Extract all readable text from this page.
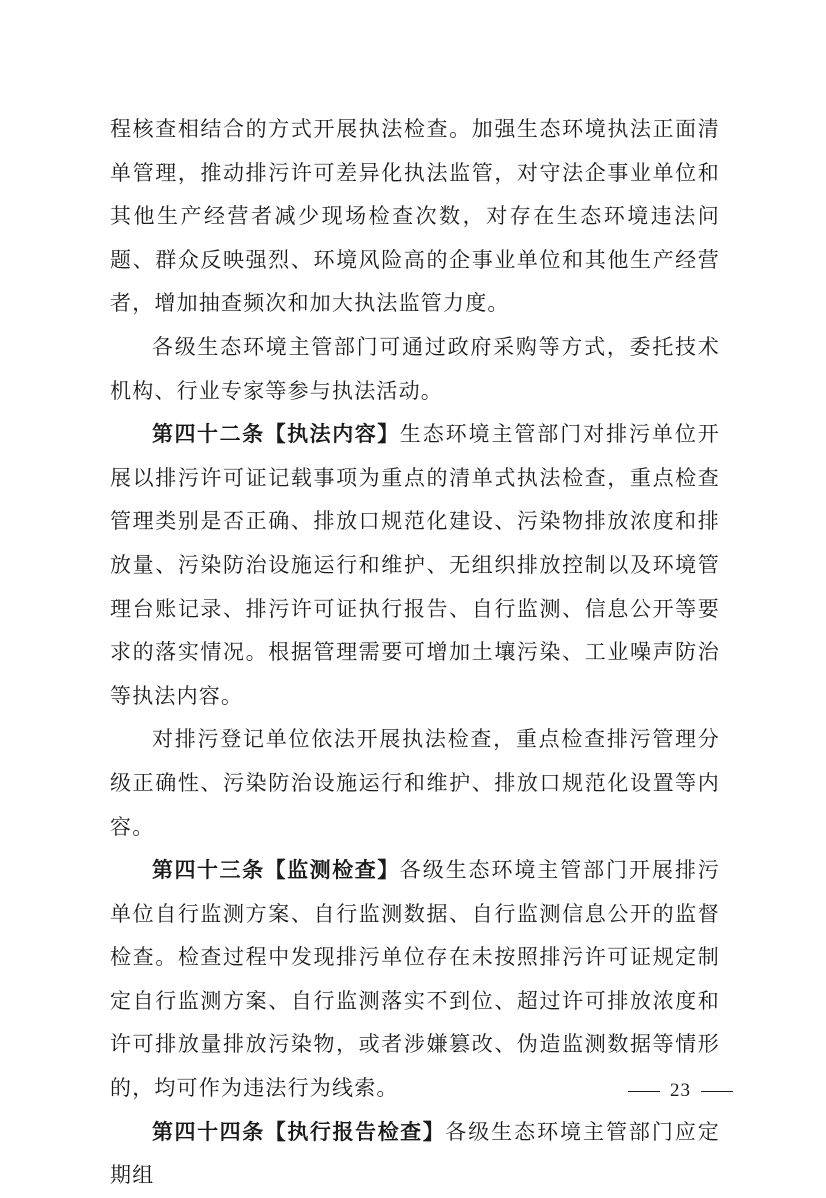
程核查相结合的方式开展执法检查。加强生态环境执法正面清单管理，推动排污许可差异化执法监管，对守法企事业单位和其他生产经营者减少现场检查次数，对存在生态环境违法问题、群众反映强烈、环境风险高的企事业单位和其他生产经营者，增加抽查频次和加大执法监管力度。

各级生态环境主管部门可通过政府采购等方式，委托技术机构、行业专家等参与执法活动。

第四十二条【执法内容】生态环境主管部门对排污单位开展以排污许可证记载事项为重点的清单式执法检查，重点检查管理类别是否正确、排放口规范化建设、污染物排放浓度和排放量、污染防治设施运行和维护、无组织排放控制以及环境管理台账记录、排污许可证执行报告、自行监测、信息公开等要求的落实情况。根据管理需要可增加土壤污染、工业噪声防治等执法内容。

对排污登记单位依法开展执法检查，重点检查排污管理分级正确性、污染防治设施运行和维护、排放口规范化设置等内容。

第四十三条【监测检查】各级生态环境主管部门开展排污单位自行监测方案、自行监测数据、自行监测信息公开的监督检查。检查过程中发现排污单位存在未按照排污许可证规定制定自行监测方案、自行监测落实不到位、超过许可排放浓度和许可排放量排放污染物，或者涉嫌篡改、伪造监测数据等情形的，均可作为违法行为线索。

第四十四条【执行报告检查】各级生态环境主管部门应定期组

23
